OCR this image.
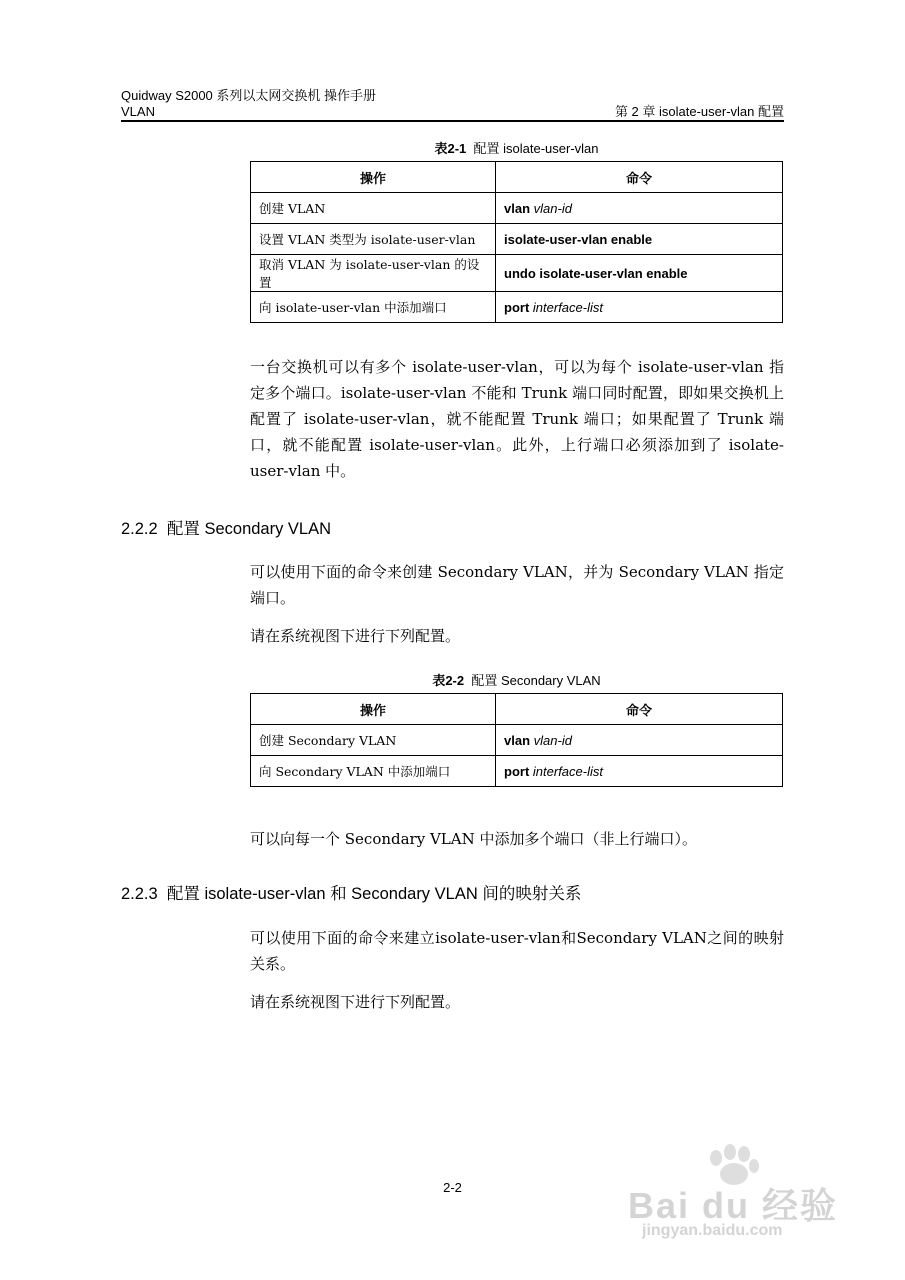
Quidway S2000 系列以太网交换机 操作手册
VLAN	第 2 章 isolate-user-vlan 配置
表2-1 配置 isolate-user-vlan
操作	命令
创建 VLAN	vlan vlan-id
设置 VLAN 类型为 isolate-user-vlan	isolate-user-vlan enable
取消 VLAN 为 isolate-user-vlan 的设置	undo isolate-user-vlan enable
向 isolate-user-vlan 中添加端口	port interface-list
一台交换机可以有多个 isolate-user-vlan，可以为每个 isolate-user-vlan 指定多个端口。isolate-user-vlan 不能和 Trunk 端口同时配置，即如果交换机上配置了 isolate-user-vlan，就不能配置 Trunk 端口；如果配置了 Trunk 端口，就不能配置 isolate-user-vlan。此外，上行端口必须添加到了 isolate-user-vlan 中。
2.2.2 配置 Secondary VLAN
可以使用下面的命令来创建 Secondary VLAN，并为 Secondary VLAN 指定端口。
请在系统视图下进行下列配置。
表2-2 配置 Secondary VLAN
操作	命令
创建 Secondary VLAN	vlan vlan-id
向 Secondary VLAN 中添加端口	port interface-list
可以向每一个 Secondary VLAN 中添加多个端口（非上行端口）。
2.2.3 配置 isolate-user-vlan 和 Secondary VLAN 间的映射关系
可以使用下面的命令来建立isolate-user-vlan和Secondary VLAN之间的映射关系。
请在系统视图下进行下列配置。
2-2	Bai du 经验
jingyan.baidu.com
